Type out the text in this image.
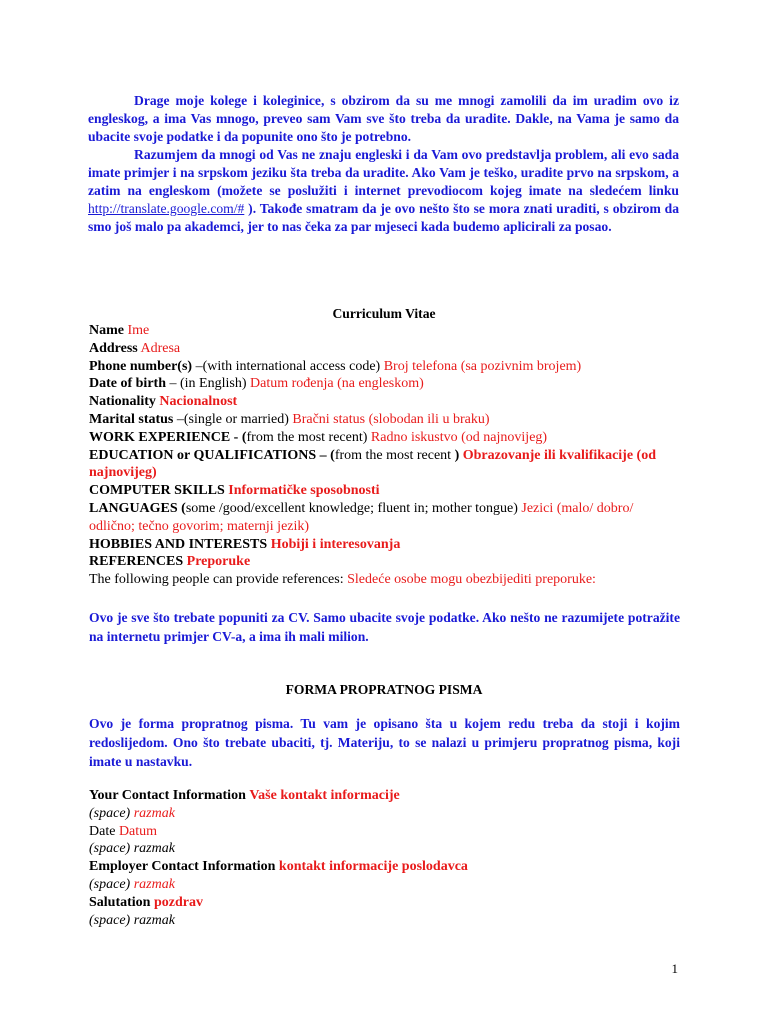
Drage moje kolege i koleginice, s obzirom da su me mnogi zamolili da im uradim ovo iz engleskog, a ima Vas mnogo, preveo sam Vam sve što treba da uradite. Dakle, na Vama je samo da ubacite svoje podatke i da popunite ono što je potrebno.

Razumjem da mnogi od Vas ne znaju engleski i da Vam ovo predstavlja problem, ali evo sada imate primjer i na srpskom jeziku šta treba da uradite. Ako Vam je teško, uradite prvo na srpskom, a zatim na engleskom (možete se poslužiti i internet prevodiocom kojeg imate na sledećem linku http://translate.google.com/# ). Takođe smatram da je ovo nešto što se mora znati uraditi, s obzirom da smo još malo pa akademci, jer to nas čeka za par mjeseci kada budemo aplicirali za posao.

Curriculum Vitae
Name Ime
Address Adresa
Phone number(s) –(with international access code) Broj telefona (sa pozivnim brojem)
Date of birth – (in English) Datum rođenja (na engleskom)
Nationality Nacionalnost
Marital status –(single or married) Bračni status (slobodan ili u braku)
WORK EXPERIENCE - (from the most recent) Radno iskustvo (od najnovijeg)
EDUCATION or QUALIFICATIONS – (from the most recent ) Obrazovanje ili kvalifikacije (od najnovijeg)
COMPUTER SKILLS Informatičke sposobnosti
LANGUAGES (some /good/excellent knowledge; fluent in; mother tongue) Jezici (malo/ dobro/ odlično; tečno govorim; maternji jezik)
HOBBIES AND INTERESTS Hobiji i interesovanja
REFERENCES Preporuke
The following people can provide references: Sledeće osobe mogu obezbijediti preporuke:
Ovo je sve što trebate popuniti za CV. Samo ubacite svoje podatke. Ako nešto ne razumijete potražite na internetu primjer CV-a, a ima ih mali milion.
FORMA PROPRATNOG PISMA
Ovo je forma propratnog pisma. Tu vam je opisano šta u kojem redu treba da stoji i kojim redoslijedom. Ono što trebate ubaciti, tj. Materiju, to se nalazi u primjeru propratnog pisma, koji imate u nastavku.
Your Contact Information Vaše kontakt informacije
(space) razmak
Date Datum
(space) razmak
Employer Contact Information kontakt informacije poslodavca
(space) razmak
Salutation pozdrav
(space) razmak
1
